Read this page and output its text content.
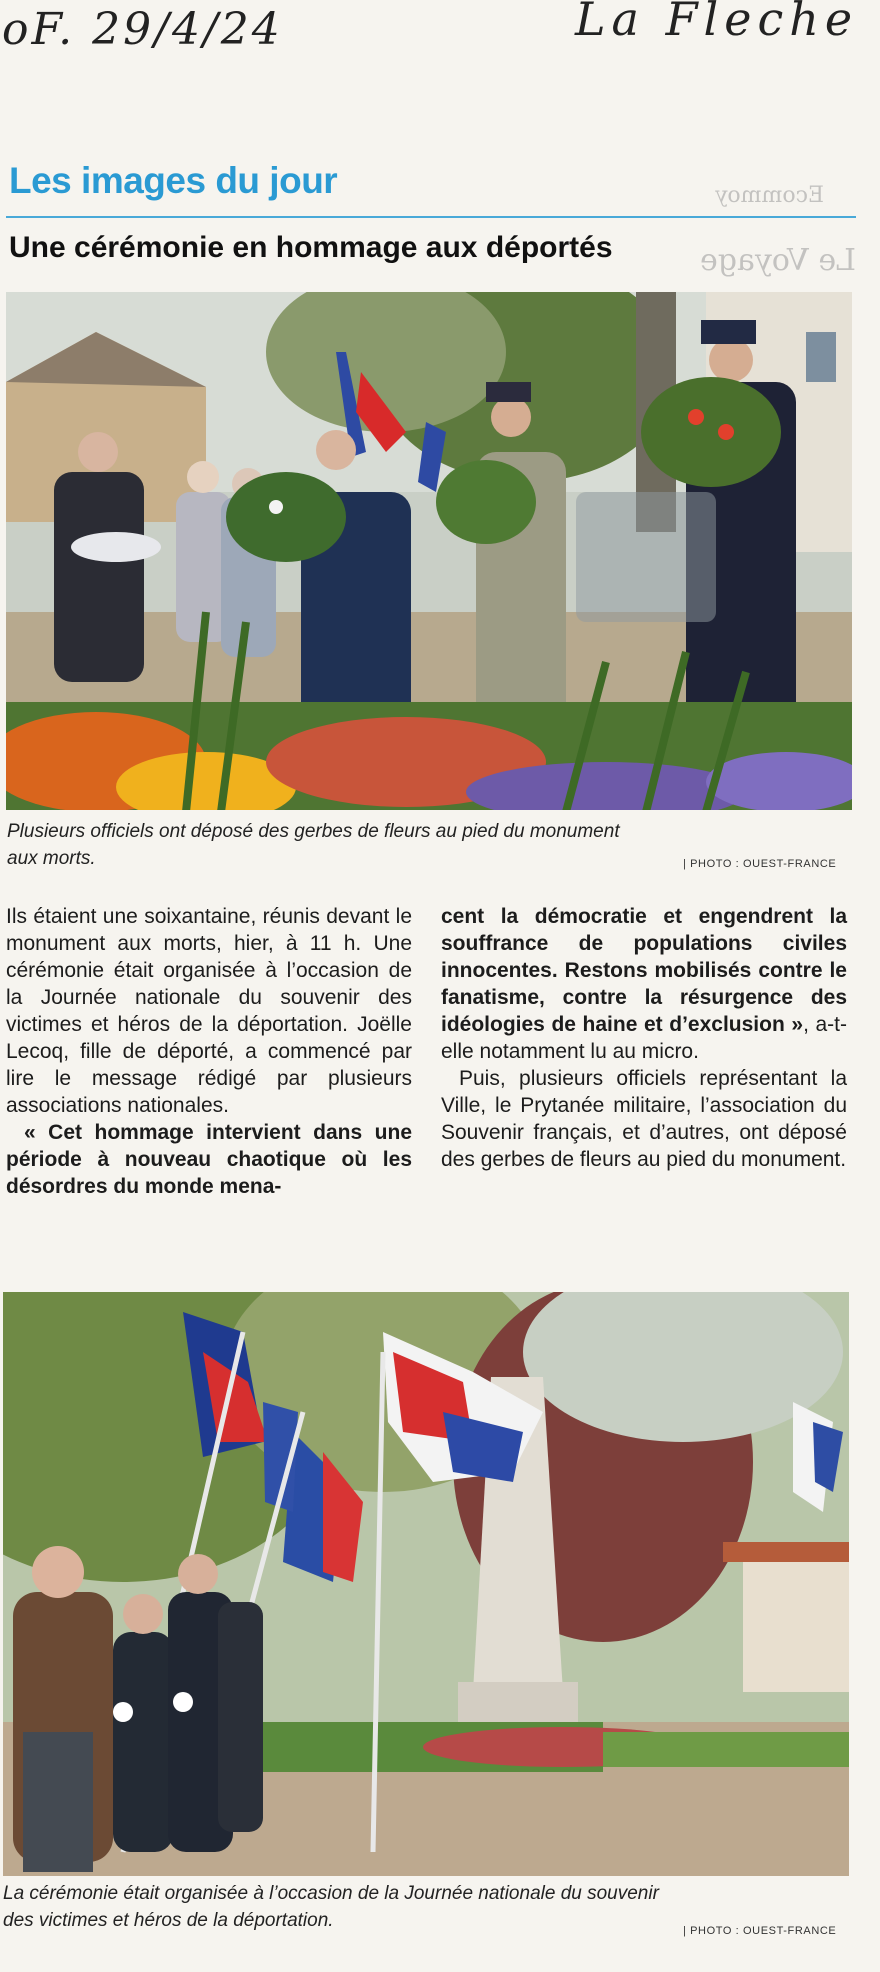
oF. 29/4/24	La Fleche
Ecommoy
Le Voyage
Les images du jour
Une cérémonie en hommage aux déportés
Plusieurs officiels ont déposé des gerbes de fleurs au pied du monument
aux morts.	| PHOTO : OUEST-FRANCE

Ils étaient une soixantaine, réunis devant le monument aux morts, hier, à 11 h. Une cérémonie était organisée à l’occasion de la Journée nationale du souvenir des victimes et héros de la déportation. Joëlle Lecoq, fille de déporté, a commencé par lire le message rédigé par plusieurs associations nationales.

« Cet hommage intervient dans une période à nouveau chaotique où les désordres du monde mena-

cent la démocratie et engendrent la souffrance de populations civiles innocentes. Restons mobilisés contre le fanatisme, contre la résurgence des idéologies de haine et d’exclusion », a-t-elle notamment lu au micro.

Puis, plusieurs officiels représentant la Ville, le Prytanée militaire, l’association du Souvenir français, et d’autres, ont déposé des gerbes de fleurs au pied du monument.

La cérémonie était organisée à l’occasion de la Journée nationale du souvenir
des victimes et héros de la déportation.	| PHOTO : OUEST-FRANCE
